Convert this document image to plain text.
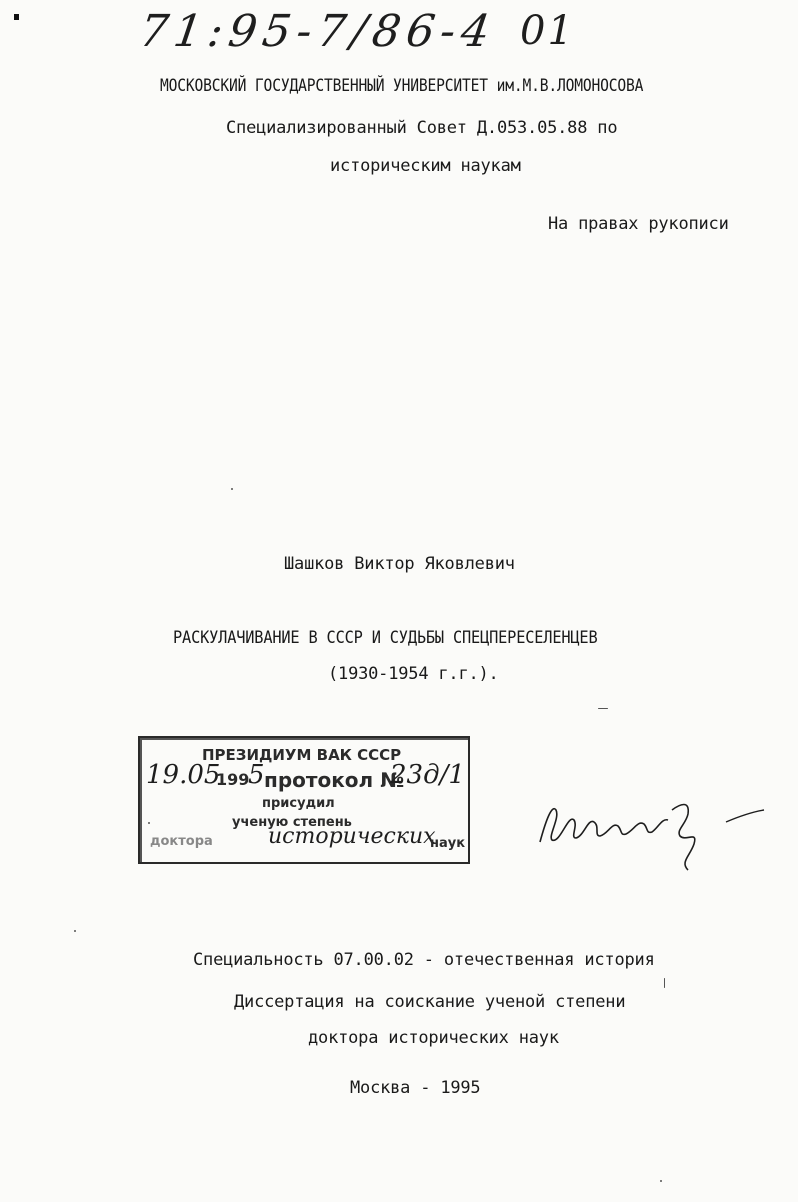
71:95-7/86-4 01
МОСКОВСКИЙ ГОСУДАРСТВЕННЫЙ УНИВЕРСИТЕТ им.М.В.ЛОМОНОСОВА
Специализированный Совет Д.053.05.88 по
историческим наукам
На правах рукописи
Шашков Виктор Яковлевич
РАСКУЛАЧИВАНИЕ В СССР И СУДЬБЫ СПЕЦПЕРЕСЕЛЕНЦЕВ
(1930-1954 г.г.).
ПРЕЗИДИУМ ВАК СССР
19.05
199
5 протокол №
23д/1
присудил
ученую степень
доктора	исторических
наук
Специальность 07.00.02 - отечественная история
Диссертация на соискание ученой степени
доктора исторических наук
Москва - 1995
